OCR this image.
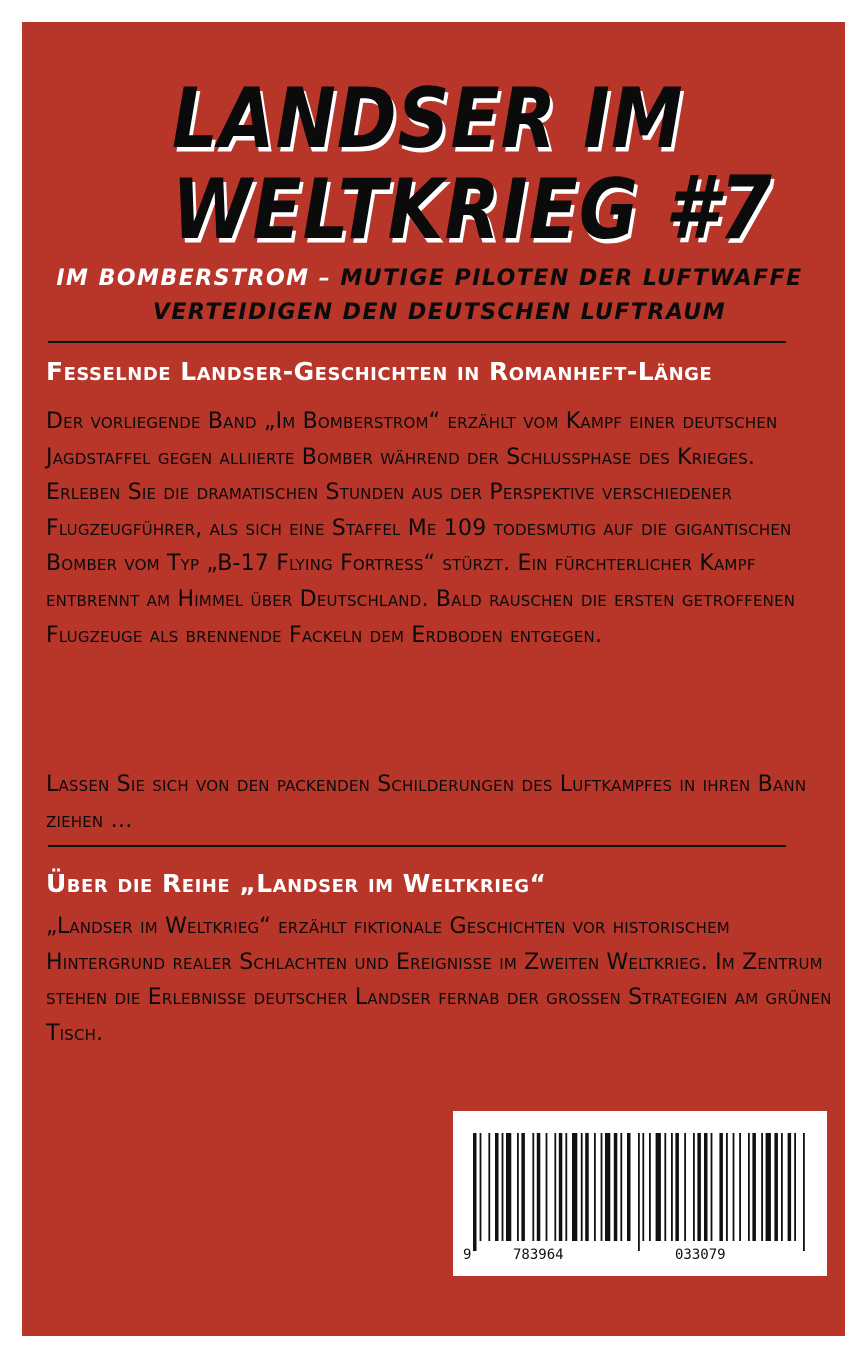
LANDSER IM
WELTKRIEG #7
IM BOMBERSTROM – MUTIGE PILOTEN DER LUFTWAFFE
VERTEIDIGEN DEN DEUTSCHEN LUFTRAUM
Fesselnde Landser-Geschichten in Romanheft-Länge

Der vorliegende Band „Im Bomberstrom“ erzählt vom Kampf einer deutschen Jagdstaffel gegen alliierte Bomber während der Schlussphase des Krieges. Erleben Sie die dramatischen Stunden aus der Perspektive verschiedener Flugzeugführer, als sich eine Staffel Me 109 todesmutig auf die gigantischen Bomber vom Typ „B-17 Flying Fortress“ stürzt. Ein fürchterlicher Kampf entbrennt am Himmel über Deutschland. Bald rauschen die ersten getroffenen Flugzeuge als brennende Fackeln dem Erdboden entgegen.

Lassen Sie sich von den packenden Schilderungen des Luftkampfes in ihren Bann ziehen …

Über die Reihe „Landser im Weltkrieg“

„Landser im Weltkrieg“ erzählt fiktionale Geschichten vor historischem Hintergrund realer Schlachten und Ereignisse im Zweiten Weltkrieg. Im Zentrum stehen die Erlebnisse deutscher Landser fernab der großen Strategien am grünen Tisch.

9	783964	033079
